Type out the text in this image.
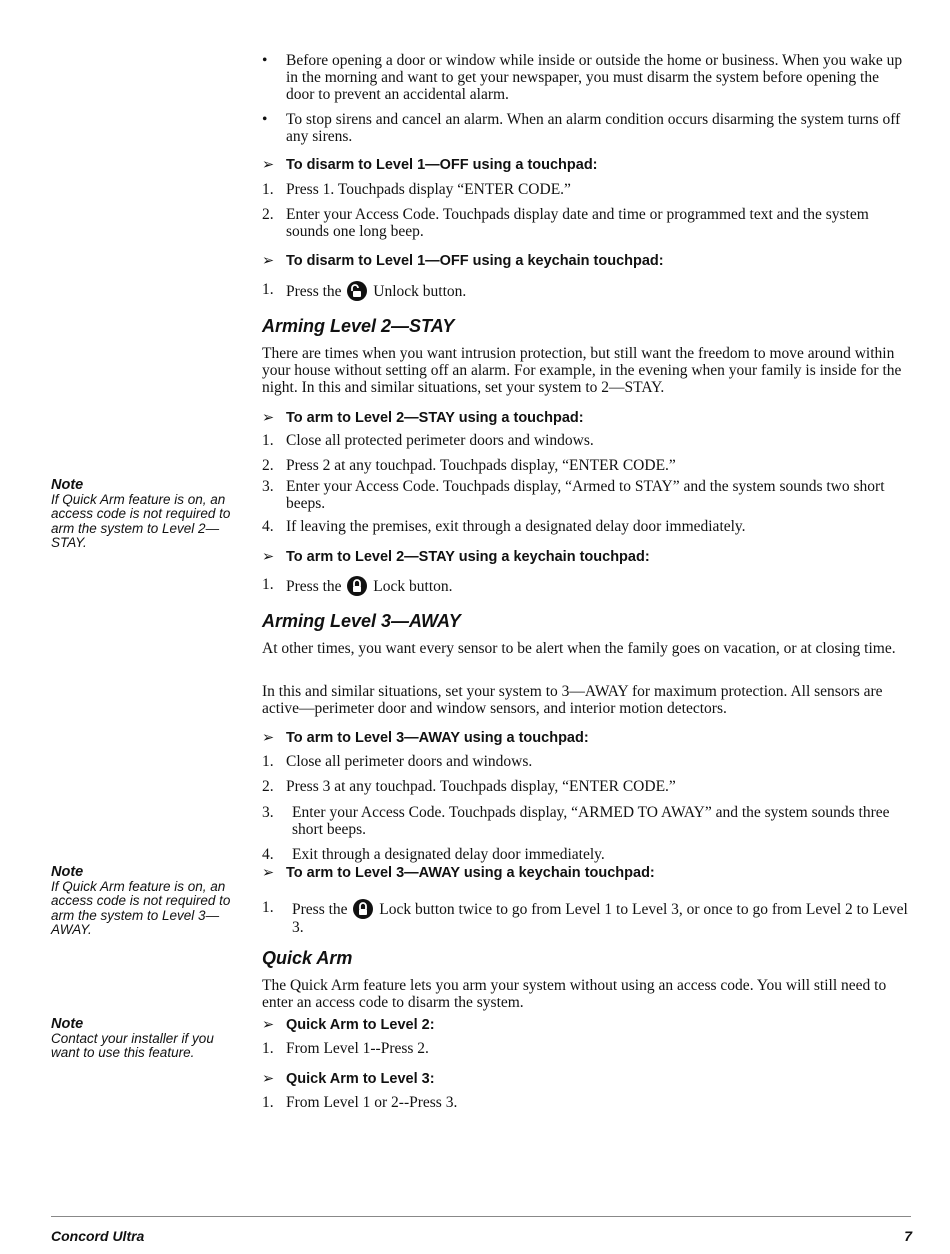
• Before opening a door or window while inside or outside the home or business. When you wake up in the morning and want to get your newspaper, you must disarm the system before opening the door to prevent an accidental alarm.
• To stop sirens and cancel an alarm. When an alarm condition occurs disarming the system turns off any sirens.
➢ To disarm to Level 1—OFF using a touchpad:
1. Press 1. Touchpads display “ENTER CODE.”
2. Enter your Access Code. Touchpads display date and time or programmed text and the system sounds one long beep.
➢ To disarm to Level 1—OFF using a keychain touchpad:
1. Press the Unlock button.
Arming Level 2—STAY
There are times when you want intrusion protection, but still want the freedom to move around within your house without setting off an alarm. For example, in the evening when your family is inside for the night. In this and similar situations, set your system to 2—STAY.
➢ To arm to Level 2—STAY using a touchpad:
1. Close all protected perimeter doors and windows.
2. Press 2 at any touchpad. Touchpads display, “ENTER CODE.”
3. Enter your Access Code. Touchpads display, “Armed to STAY” and the system sounds two short beeps.
4. If leaving the premises, exit through a designated delay door immediately.
➢ To arm to Level 2—STAY using a keychain touchpad:
1. Press the Lock button.
Arming Level 3—AWAY
At other times, you want every sensor to be alert when the family goes on vacation, or at closing time.
In this and similar situations, set your system to 3—AWAY for maximum protection. All sensors are active—perimeter door and window sensors, and interior motion detectors.
➢ To arm to Level 3—AWAY using a touchpad:
1. Close all perimeter doors and windows.
2. Press 3 at any touchpad. Touchpads display, “ENTER CODE.”
3. Enter your Access Code. Touchpads display, “ARMED TO AWAY” and the system sounds three short beeps.
4. Exit through a designated delay door immediately.
➢ To arm to Level 3—AWAY using a keychain touchpad:
1. Press the Lock button twice to go from Level 1 to Level 3, or once to go from Level 2 to Level 3.
Quick Arm
The Quick Arm feature lets you arm your system without using an access code. You will still need to enter an access code to disarm the system.
➢ Quick Arm to Level 2:
1. From Level 1--Press 2.
➢ Quick Arm to Level 3:
1. From Level 1 or 2--Press 3.
Note
If Quick Arm feature is on, an access code is not required to arm the system to Level 2— STAY.
Note
If Quick Arm feature is on, an access code is not required to arm the system to Level 3— AWAY.
Note
Contact your installer if you want to use this feature.
Concord Ultra	7
